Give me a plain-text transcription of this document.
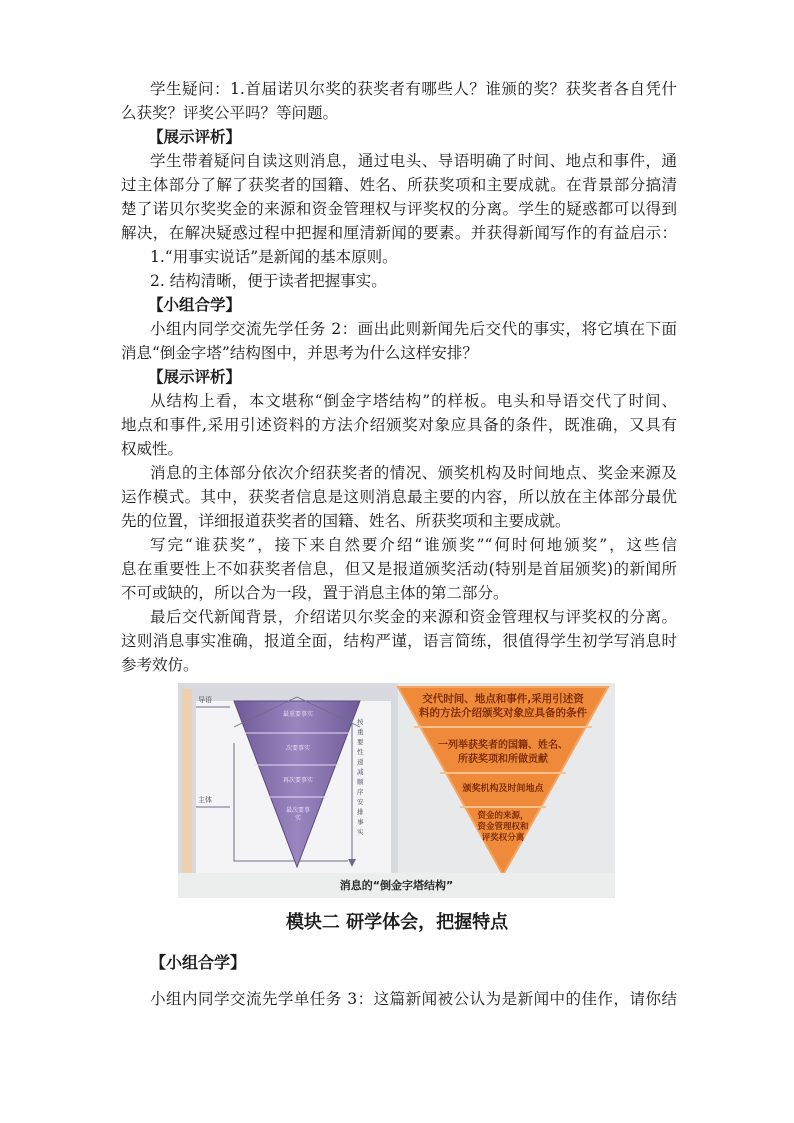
学生疑问：1.首届诺贝尔奖的获奖者有哪些人？谁颁的奖？获奖者各自凭什
么获奖？评奖公平吗？等问题。
【展示评析】
学生带着疑问自读这则消息，通过电头、导语明确了时间、地点和事件，通
过主体部分了解了获奖者的国籍、姓名、所获奖项和主要成就。在背景部分搞清
楚了诺贝尔奖奖金的来源和资金管理权与评奖权的分离。学生的疑惑都可以得到
解决，在解决疑惑过程中把握和厘清新闻的要素。并获得新闻写作的有益启示：
1.“用事实说话”是新闻的基本原则。
2. 结构清晰，便于读者把握事实。
【小组合学】
小组内同学交流先学任务 2：画出此则新闻先后交代的事实，将它填在下面
消息“倒金字塔”结构图中，并思考为什么这样安排？
【展示评析】
从结构上看，本文堪称“倒金字塔结构”的样板。电头和导语交代了时间、
地点和事件,采用引述资料的方法介绍颁奖对象应具备的条件，既准确，又具有
权威性。
消息的主体部分依次介绍获奖者的情况、颁奖机构及时间地点、奖金来源及
运作模式。其中，获奖者信息是这则消息最主要的内容，所以放在主体部分最优
先的位置，详细报道获奖者的国籍、姓名、所获奖项和主要成就。
写完“谁获奖”，接下来自然要介绍“谁颁奖”“何时何地颁奖”，这些信
息在重要性上不如获奖者信息，但又是报道颁奖活动(特别是首届颁奖)的新闻所
不可或缺的，所以合为一段，置于消息主体的第二部分。
最后交代新闻背景，介绍诺贝尔奖金的来源和资金管理权与评奖权的分离。
这则消息事实准确，报道全面，结构严谨，语言简练，很值得学生初学写消息时
参考效仿。
导语
主体
最重要事实
次要事实
再次要事实
最次要事实
按重要性递减顺序安排事实
交代时间、地点和事件,采用引述资
料的方法介绍颁奖对象应具备的条件
一列举获奖者的国籍、姓名、
所获奖项和所做贡献
颁奖机构及时间地点
资金的来源，
资金管理权和
评奖权分离
消息的“倒金字塔结构”
模块二 研学体会，把握特点
【小组合学】
小组内同学交流先学单任务 3：这篇新闻被公认为是新闻中的佳作，请你结
